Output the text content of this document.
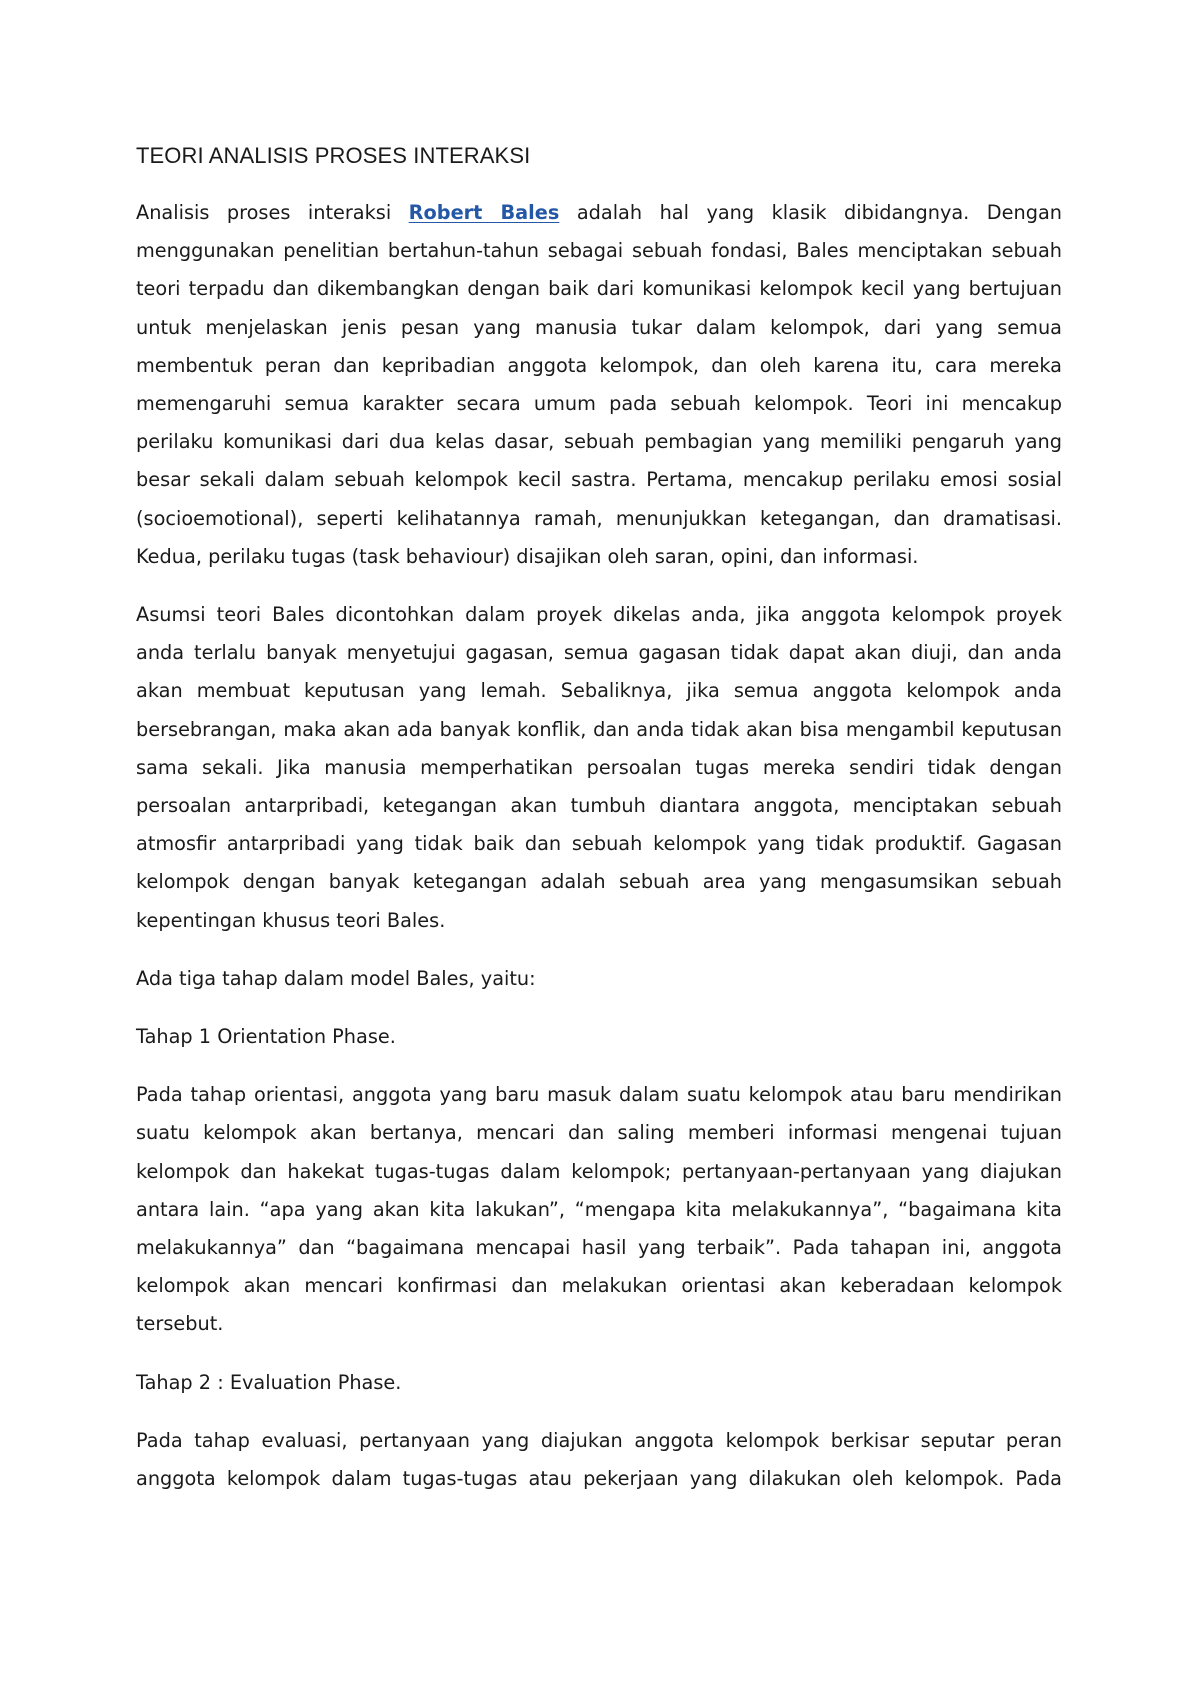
TEORI ANALISIS PROSES INTERAKSI

Analisis proses interaksi Robert Bales adalah hal yang klasik dibidangnya. Dengan menggunakan penelitian bertahun-tahun sebagai sebuah fondasi, Bales menciptakan sebuah teori terpadu dan dikembangkan dengan baik dari komunikasi kelompok kecil yang bertujuan untuk menjelaskan jenis pesan yang manusia tukar dalam kelompok, dari yang semua membentuk peran dan kepribadian anggota kelompok, dan oleh karena itu, cara mereka memengaruhi semua karakter secara umum pada sebuah kelompok. Teori ini mencakup perilaku komunikasi dari dua kelas dasar, sebuah pembagian yang memiliki pengaruh yang besar sekali dalam sebuah kelompok kecil sastra. Pertama, mencakup perilaku emosi sosial (socioemotional), seperti kelihatannya ramah, menunjukkan ketegangan, dan dramatisasi. Kedua, perilaku tugas (task behaviour) disajikan oleh saran, opini, dan informasi.

Asumsi teori Bales dicontohkan dalam proyek dikelas anda, jika anggota kelompok proyek anda terlalu banyak menyetujui gagasan, semua gagasan tidak dapat akan diuji, dan anda akan membuat keputusan yang lemah. Sebaliknya, jika semua anggota kelompok anda bersebrangan, maka akan ada banyak konflik, dan anda tidak akan bisa mengambil keputusan sama sekali. Jika manusia memperhatikan persoalan tugas mereka sendiri tidak dengan persoalan antarpribadi, ketegangan akan tumbuh diantara anggota, menciptakan sebuah atmosfir antarpribadi yang tidak baik dan sebuah kelompok yang tidak produktif. Gagasan kelompok dengan banyak ketegangan adalah sebuah area yang mengasumsikan sebuah kepentingan khusus teori Bales.

Ada tiga tahap dalam model Bales, yaitu:

Tahap 1 Orientation Phase.

Pada tahap orientasi, anggota yang baru masuk dalam suatu kelompok atau baru mendirikan suatu kelompok akan bertanya, mencari dan saling memberi informasi mengenai tujuan kelompok dan hakekat tugas-tugas dalam kelompok; pertanyaan-pertanyaan yang diajukan antara lain. “apa yang akan kita lakukan”, “mengapa kita melakukannya”, “bagaimana kita melakukannya” dan “bagaimana mencapai hasil yang terbaik”. Pada tahapan ini, anggota kelompok akan mencari konfirmasi dan melakukan orientasi akan keberadaan kelompok tersebut.

Tahap 2 : Evaluation Phase.

Pada tahap evaluasi, pertanyaan yang diajukan anggota kelompok berkisar seputar peran anggota kelompok dalam tugas-tugas atau pekerjaan yang dilakukan oleh kelompok. Pada
